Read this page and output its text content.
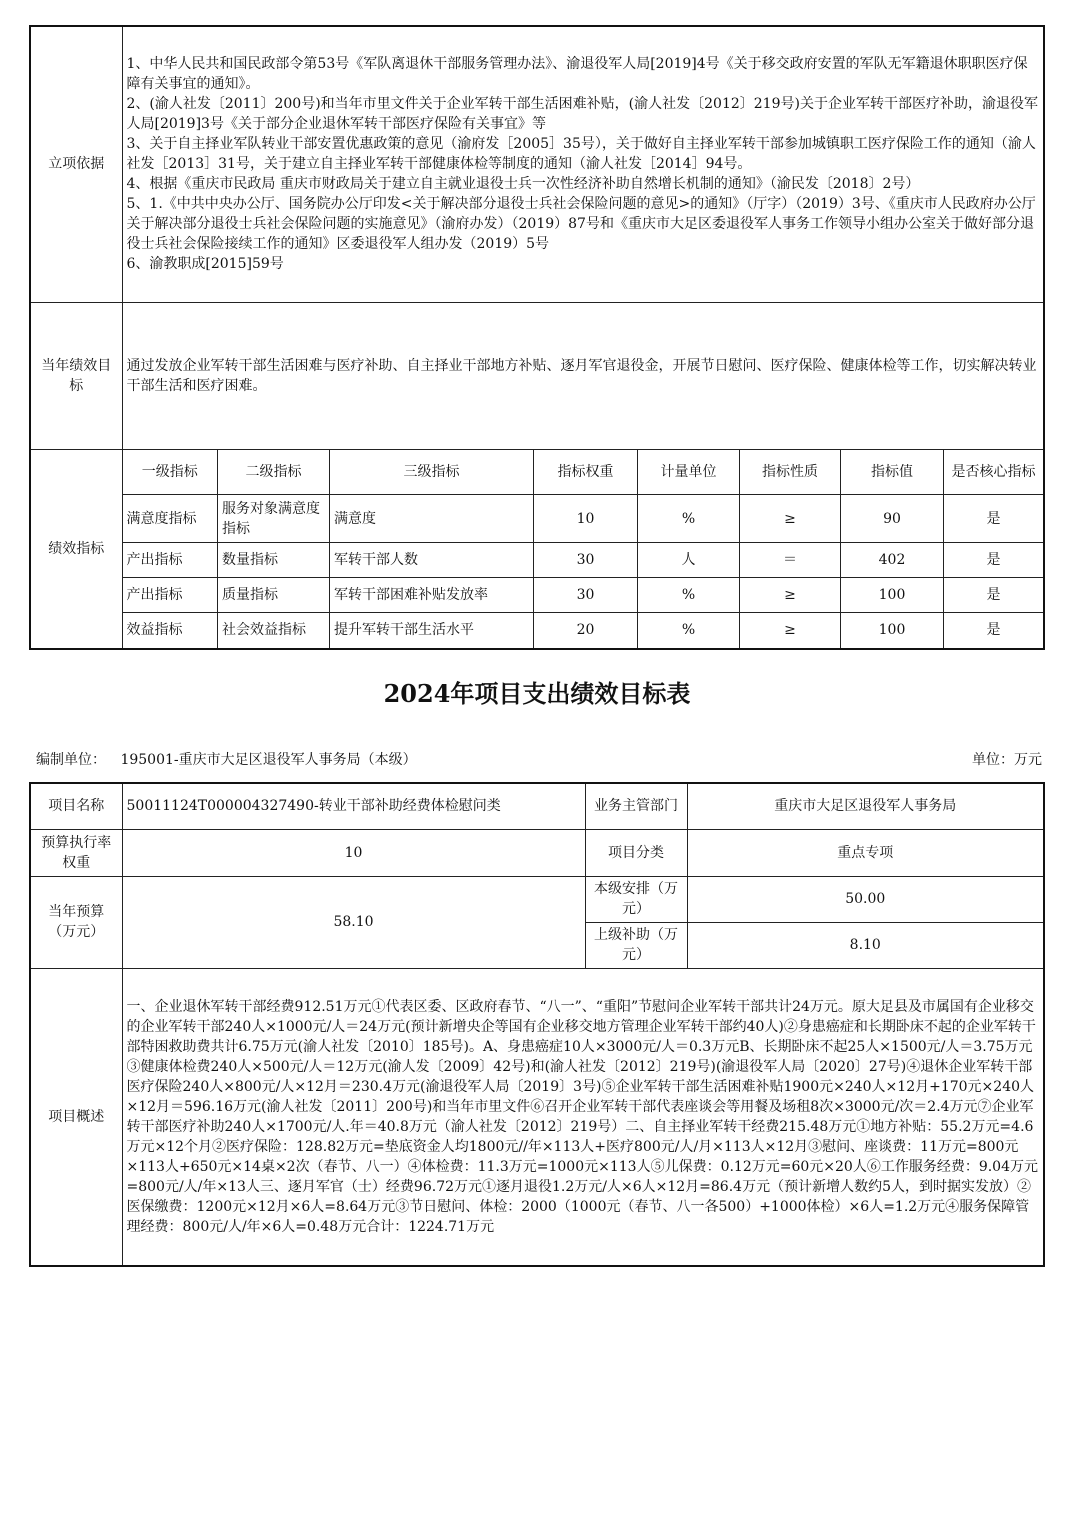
立项依据	

1、中华人民共和国民政部令第53号《军队离退休干部服务管理办法》、渝退役军人局[2019]4号《关于移交政府安置的军队无军籍退休职职医疗保障有关事宜的通知》。

2、(渝人社发〔2011〕200号)和当年市里文件关于企业军转干部生活困难补贴，(渝人社发〔2012〕219号)关于企业军转干部医疗补助，渝退役军人局[2019]3号《关于部分企业退休军转干部医疗保险有关事宜》等

3、关于自主择业军队转业干部安置优惠政策的意见（渝府发［2005］35号），关于做好自主择业军转干部参加城镇职工医疗保险工作的通知（渝人社发［2013］31号，关于建立自主择业军转干部健康体检等制度的通知（渝人社发［2014］94号。

4、根据《重庆市民政局 重庆市财政局关于建立自主就业退役士兵一次性经济补助自然增长机制的通知》（渝民发〔2018〕2号）

5、1.《中共中央办公厅、国务院办公厅印发<关于解决部分退役士兵社会保险问题的意见>的通知》（厅字）（2019）3号、《重庆市人民政府办公厅关于解决部分退役士兵社会保险问题的实施意见》（渝府办发）（2019）87号和《重庆市大足区委退役军人事务工作领导小组办公室关于做好部分退役士兵社会保险接续工作的通知》区委退役军人组办发（2019）5号

6、渝教职成[2015]59号

当年绩效目标	通过发放企业军转干部生活困难与医疗补助、自主择业干部地方补贴、逐月军官退役金，开展节日慰问、医疗保险、健康体检等工作，切实解决转业干部生活和医疗困难。
绩效指标	
一级指标	二级指标	三级指标	指标权重	计量单位	指标性质	指标值	是否核心指标
满意度指标	服务对象满意度指标	满意度	10	%	≥	90	是
产出指标	数量指标	军转干部人数	30	人	＝	402	是
产出指标	质量指标	军转干部困难补贴发放率	30	%	≥	100	是
效益指标	社会效益指标	提升军转干部生活水平	20	%	≥	100	是
2024年项目支出绩效目标表
编制单位： 195001-重庆市大足区退役军人事务局（本级）	单位：万元
项目名称	50011124T000004327490-转业干部补助经费体检慰问类	业务主管部门	重庆市大足区退役军人事务局
预算执行率权重	10	项目分类	重点专项
当年预算（万元）	58.10	本级安排（万元）	50.00
		上级补助（万元）	8.10
项目概述	一、企业退休军转干部经费912.51万元①代表区委、区政府春节、“八一”、“重阳”节慰问企业军转干部共计24万元。原大足县及市属国有企业移交的企业军转干部240人×1000元/人＝24万元(预计新增央企等国有企业移交地方管理企业军转干部约40人)②身患癌症和长期卧床不起的企业军转干部特困救助费共计6.75万元(渝人社发〔2010〕185号)。A、身患癌症10人×3000元/人＝0.3万元B、长期卧床不起25人×1500元/人＝3.75万元③健康体检费240人×500元/人＝12万元(渝人发〔2009〕42号)和(渝人社发〔2012〕219号)(渝退役军人局〔2020〕27号)④退休企业军转干部医疗保险240人×800元/人×12月＝230.4万元(渝退役军人局〔2019〕3号)⑤企业军转干部生活困难补贴1900元×240人×12月+170元×240人×12月＝596.16万元(渝人社发〔2011〕200号)和当年市里文件⑥召开企业军转干部代表座谈会等用餐及场租8次×3000元/次＝2.4万元⑦企业军转干部医疗补助240人×1700元/人.年＝40.8万元（渝人社发〔2012〕219号）二、自主择业军转干经费215.48万元①地方补贴：55.2万元=4.6万元×12个月②医疗保险：128.82万元=垫底资金人均1800元//年×113人+医疗800元/人/月×113人×12月③慰问、座谈费：11万元=800元×113人+650元×14桌×2次（春节、八一）④体检费：11.3万元=1000元×113人⑤儿保费：0.12万元=60元×20人⑥工作服务经费：9.04万元=800元/人/年×13人三、逐月军官（士）经费96.72万元①逐月退役1.2万元/人×6人×12月=86.4万元（预计新增人数约5人，到时据实发放）②医保缴费：1200元×12月×6人=8.64万元③节日慰问、体检：2000（1000元（春节、八一各500）+1000体检）×6人=1.2万元④服务保障管理经费：800元/人/年×6人=0.48万元合计：1224.71万元		
